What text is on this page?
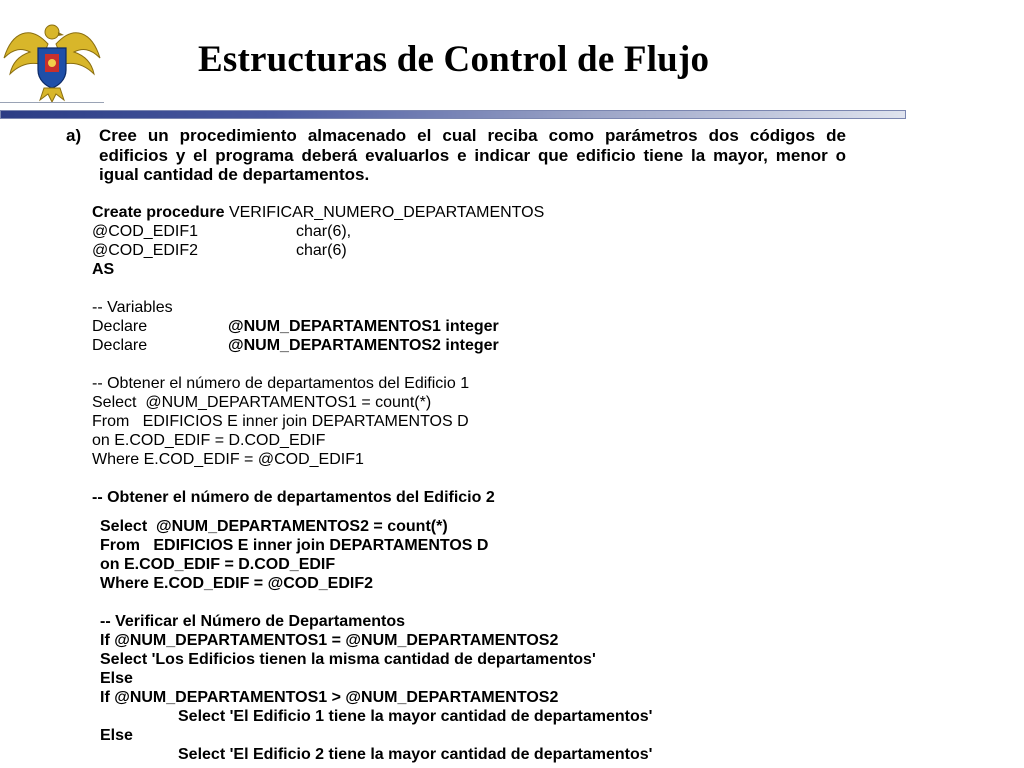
Estructuras de Control de Flujo
a) Cree un procedimiento almacenado el cual reciba como parámetros dos códigos de edificios y el programa deberá evaluarlos e indicar que edificio tiene la mayor, menor o igual cantidad de departamentos.
Create procedure VERIFICAR_NUMERO_DEPARTAMENTOS
@COD_EDIF1	char(6),
@COD_EDIF2	char(6)
AS
-- Variables
Declare	@NUM_DEPARTAMENTOS1 integer
Declare	@NUM_DEPARTAMENTOS2 integer
-- Obtener el número de departamentos del Edificio 1
Select  @NUM_DEPARTAMENTOS1 = count(*)
From   EDIFICIOS E inner join DEPARTAMENTOS D
on E.COD_EDIF = D.COD_EDIF
Where E.COD_EDIF = @COD_EDIF1
-- Obtener el número de departamentos del Edificio 2
Select  @NUM_DEPARTAMENTOS2 = count(*)
From   EDIFICIOS E inner join DEPARTAMENTOS D
on E.COD_EDIF = D.COD_EDIF
Where E.COD_EDIF = @COD_EDIF2
-- Verificar el Número de Departamentos
If @NUM_DEPARTAMENTOS1 = @NUM_DEPARTAMENTOS2
Select 'Los Edificios tienen la misma cantidad de departamentos'
Else
If @NUM_DEPARTAMENTOS1 > @NUM_DEPARTAMENTOS2
Select 'El Edificio 1 tiene la mayor cantidad de departamentos'
Else
Select 'El Edificio 2 tiene la mayor cantidad de departamentos'
